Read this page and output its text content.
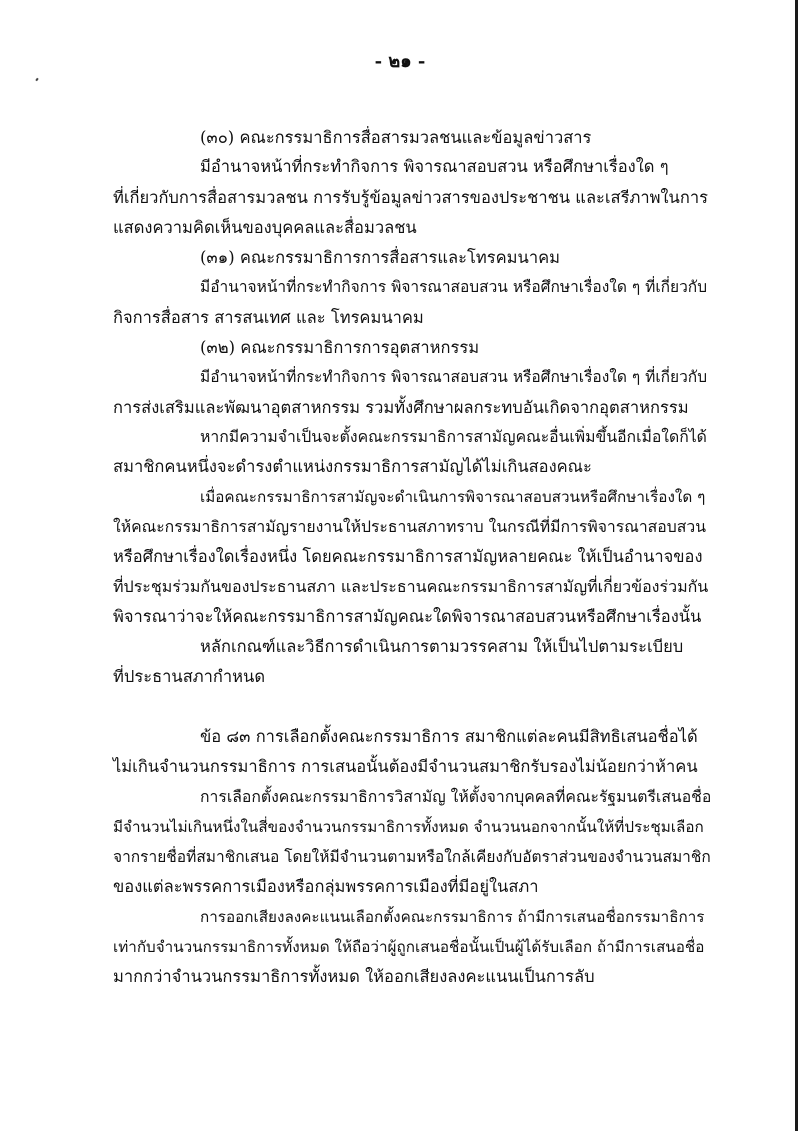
- ๒๑ -
(๓๐) คณะกรรมาธิการสื่อสารมวลชนและข้อมูลข่าวสาร
มีอำนาจหน้าที่กระทำกิจการ พิจารณาสอบสวน หรือศึกษาเรื่องใด ๆ
ที่เกี่ยวกับการสื่อสารมวลชน การรับรู้ข้อมูลข่าวสารของประชาชน และเสรีภาพในการ
แสดงความคิดเห็นของบุคคลและสื่อมวลชน
(๓๑) คณะกรรมาธิการการสื่อสารและโทรคมนาคม
มีอำนาจหน้าที่กระทำกิจการ พิจารณาสอบสวน หรือศึกษาเรื่องใด ๆ ที่เกี่ยวกับ
กิจการสื่อสาร สารสนเทศ และ โทรคมนาคม
(๓๒) คณะกรรมาธิการการอุตสาหกรรม
มีอำนาจหน้าที่กระทำกิจการ พิจารณาสอบสวน หรือศึกษาเรื่องใด ๆ ที่เกี่ยวกับ
การส่งเสริมและพัฒนาอุตสาหกรรม รวมทั้งศึกษาผลกระทบอันเกิดจากอุตสาหกรรม
หากมีความจำเป็นจะตั้งคณะกรรมาธิการสามัญคณะอื่นเพิ่มขึ้นอีกเมื่อใดก็ได้
สมาชิกคนหนึ่งจะดำรงตำแหน่งกรรมาธิการสามัญได้ไม่เกินสองคณะ
เมื่อคณะกรรมาธิการสามัญจะดำเนินการพิจารณาสอบสวนหรือศึกษาเรื่องใด ๆ
ให้คณะกรรมาธิการสามัญรายงานให้ประธานสภาทราบ ในกรณีที่มีการพิจารณาสอบสวน
หรือศึกษาเรื่องใดเรื่องหนึ่ง โดยคณะกรรมาธิการสามัญหลายคณะ ให้เป็นอำนาจของ
ที่ประชุมร่วมกันของประธานสภา และประธานคณะกรรมาธิการสามัญที่เกี่ยวข้องร่วมกัน
พิจารณาว่าจะให้คณะกรรมาธิการสามัญคณะใดพิจารณาสอบสวนหรือศึกษาเรื่องนั้น
หลักเกณฑ์และวิธีการดำเนินการตามวรรคสาม ให้เป็นไปตามระเบียบ
ที่ประธานสภากำหนด
ข้อ ๘๓ การเลือกตั้งคณะกรรมาธิการ สมาชิกแต่ละคนมีสิทธิเสนอชื่อได้
ไม่เกินจำนวนกรรมาธิการ การเสนอนั้นต้องมีจำนวนสมาชิกรับรองไม่น้อยกว่าห้าคน
การเลือกตั้งคณะกรรมาธิการวิสามัญ ให้ตั้งจากบุคคลที่คณะรัฐมนตรีเสนอชื่อ
มีจำนวนไม่เกินหนึ่งในสี่ของจำนวนกรรมาธิการทั้งหมด จำนวนนอกจากนั้นให้ที่ประชุมเลือก
จากรายชื่อที่สมาชิกเสนอ โดยให้มีจำนวนตามหรือใกล้เคียงกับอัตราส่วนของจำนวนสมาชิก
ของแต่ละพรรคการเมืองหรือกลุ่มพรรคการเมืองที่มีอยู่ในสภา
การออกเสียงลงคะแนนเลือกตั้งคณะกรรมาธิการ ถ้ามีการเสนอชื่อกรรมาธิการ
เท่ากับจำนวนกรรมาธิการทั้งหมด ให้ถือว่าผู้ถูกเสนอชื่อนั้นเป็นผู้ได้รับเลือก ถ้ามีการเสนอชื่อ
มากกว่าจำนวนกรรมาธิการทั้งหมด ให้ออกเสียงลงคะแนนเป็นการลับ
